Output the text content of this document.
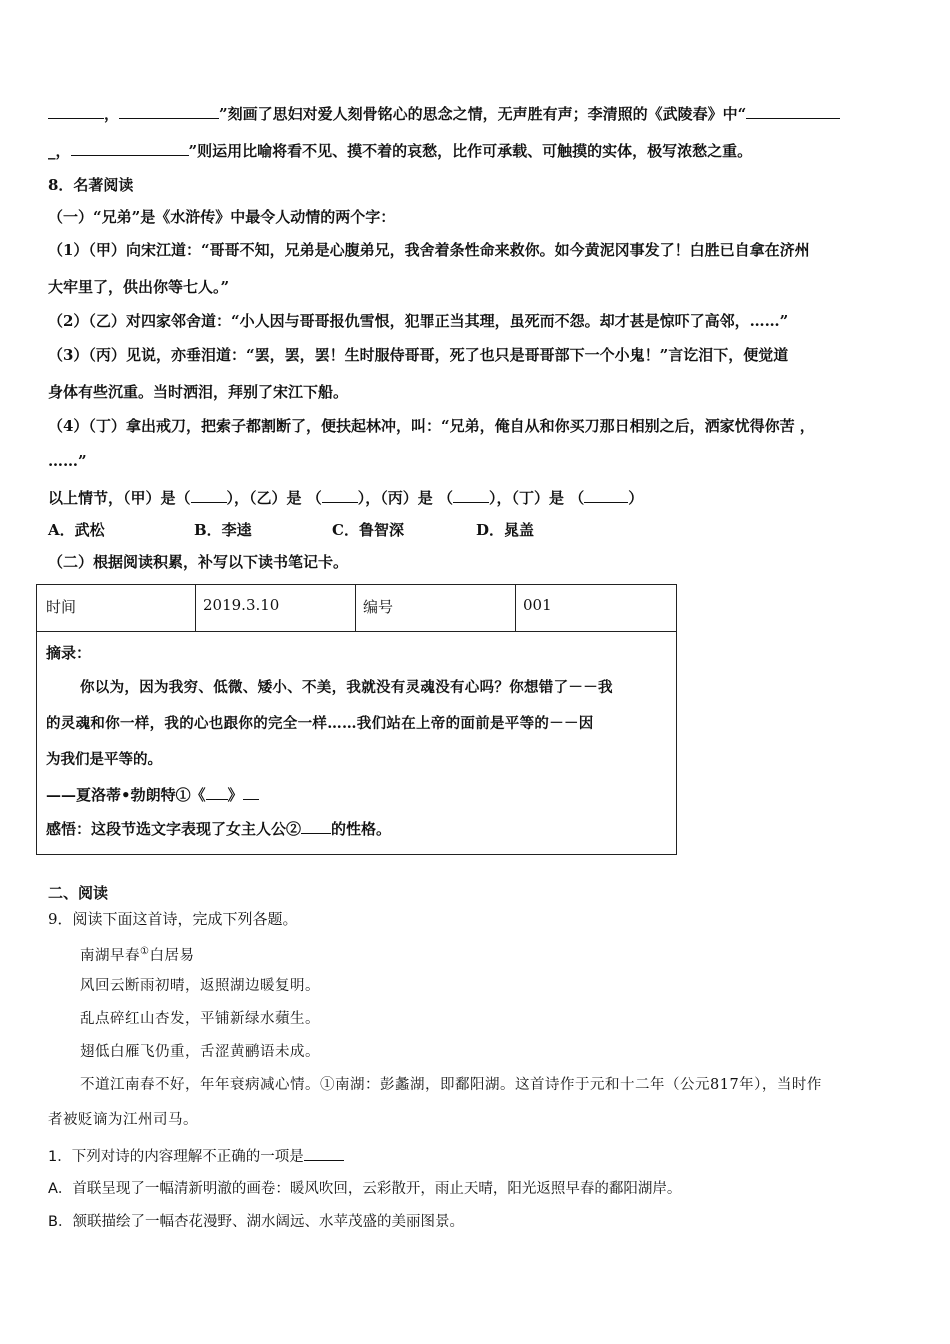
，	”刻画了思妇对爱人刻骨铭心的思念之情，无声胜有声；李清照的《武陵春》中“
_，	”则运用比喻将看不见、摸不着的哀愁，比作可承载、可触摸的实体，极写浓愁之重。
8．名著阅读
（一）“兄弟”是《水浒传》中最令人动情的两个字：
（1）（甲）向宋江道：“哥哥不知，兄弟是心腹弟兄，我舍着条性命来救你。如今黄泥冈事发了！白胜已自拿在济州
大牢里了，供出你等七人。”
（2）（乙）对四家邻舍道：“小人因与哥哥报仇雪恨，犯罪正当其理，虽死而不怨。却才甚是惊吓了高邻，……”
（3）（丙）见说，亦垂泪道：“罢，罢，罢！生时服侍哥哥，死了也只是哥哥部下一个小鬼！”言讫泪下，便觉道
身体有些沉重。当时洒泪，拜别了宋江下船。
（4）（丁）拿出戒刀，把索子都割断了，便扶起林冲，叫：“兄弟，俺自从和你买刀那日相别之后，洒家忧得你苦 ，
……”
以上情节，（甲）是（ ），（乙）是 （ ），（丙）是 （ ），（丁）是 （	）
A．武松	B．李逵	C．鲁智深	D．晁盖
（二）根据阅读积累，补写以下读书笔记卡。
时间	2019.3.10	编号	001
摘录：
你以为，因为我穷、低微、矮小、不美，我就没有灵魂没有心吗？你想错了－－我
的灵魂和你一样，我的心也跟你的完全一样……我们站在上帝的面前是平等的－－因
为我们是平等的。
——夏洛蒂•勃朗特①《 》
感悟：这段节选文字表现了女主人公② 的性格。
二、阅读
9．阅读下面这首诗，完成下列各题。
南湖早春①白居易
风回云断雨初晴，返照湖边暖复明。
乱点碎红山杏发，平铺新绿水蘋生。
翅低白雁飞仍重，舌涩黄鹂语未成。
不道江南春不好，年年衰病减心情。①南湖：彭蠡湖，即鄱阳湖。这首诗作于元和十二年（公元817年），当时作
者被贬谪为江州司马。
1．下列对诗的内容理解不正确的一项是
A．首联呈现了一幅清新明澈的画卷：暖风吹回，云彩散开，雨止天晴，阳光返照早春的鄱阳湖岸。
B．颔联描绘了一幅杏花漫野、湖水阔远、水苹茂盛的美丽图景。
